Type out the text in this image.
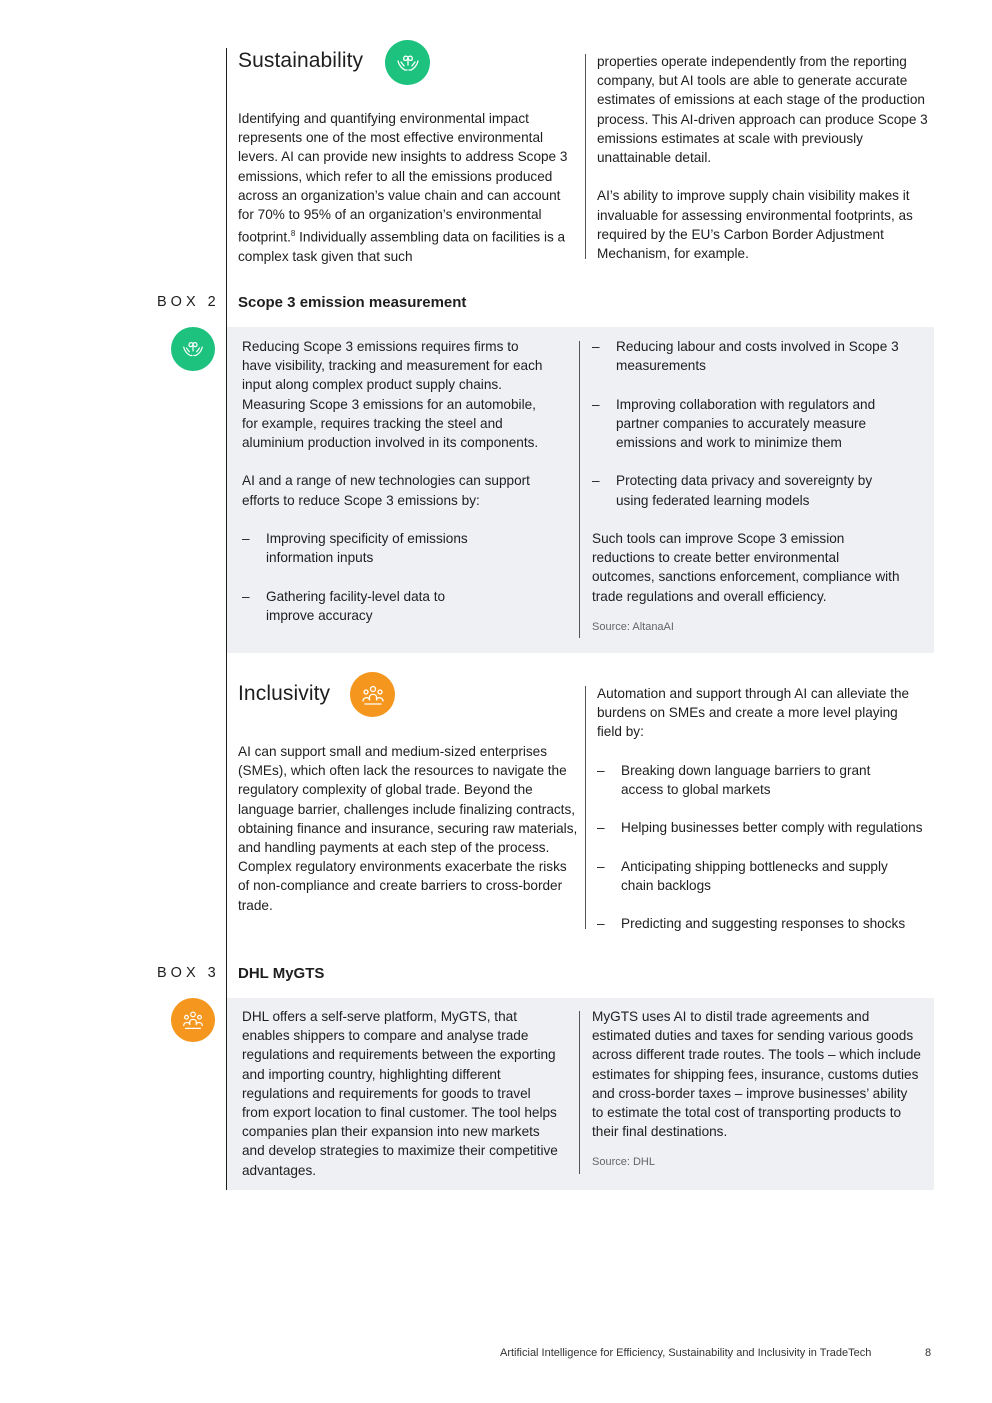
Sustainability

Identifying and quantifying environmental impact represents one of the most effective environmental levers. AI can provide new insights to address Scope 3 emissions, which refer to all the emissions produced across an organization’s value chain and can account for 70% to 95% of an organization’s environmental footprint.$^8$ Individually assembling data on facilities is a complex task given that such

properties operate independently from the reporting company, but AI tools are able to generate accurate estimates of emissions at each stage of the production process. This AI-driven approach can produce Scope 3 emissions estimates at scale with previously unattainable detail.

AI’s ability to improve supply chain visibility makes it invaluable for assessing environmental footprints, as required by the EU’s Carbon Border Adjustment Mechanism, for example.

BOX 2 Scope 3 emission measurement

Reducing Scope 3 emissions requires firms to have visibility, tracking and measurement for each input along complex product supply chains. Measuring Scope 3 emissions for an automobile, for example, requires tracking the steel and aluminium production involved in its components.

AI and a range of new technologies can support efforts to reduce Scope 3 emissions by:

– Improving specificity of emissions information inputs
– Gathering facility-level data to improve accuracy
– Reducing labour and costs involved in Scope 3 measurements
– Improving collaboration with regulators and partner companies to accurately measure emissions and work to minimize them
– Protecting data privacy and sovereignty by using federated learning models

Such tools can improve Scope 3 emission reductions to create better environmental outcomes, sanctions enforcement, compliance with trade regulations and overall efficiency.

Source: AltanaAI

Inclusivity

AI can support small and medium-sized enterprises (SMEs), which often lack the resources to navigate the regulatory complexity of global trade. Beyond the language barrier, challenges include finalizing contracts, obtaining finance and insurance, securing raw materials, and handling payments at each step of the process. Complex regulatory environments exacerbate the risks of non-compliance and create barriers to cross-border trade.

Automation and support through AI can alleviate the burdens on SMEs and create a more level playing field by:

– Breaking down language barriers to grant access to global markets
– Helping businesses better comply with regulations
– Anticipating shipping bottlenecks and supply chain backlogs
– Predicting and suggesting responses to shocks
BOX 3 DHL MyGTS

DHL offers a self-serve platform, MyGTS, that enables shippers to compare and analyse trade regulations and requirements between the exporting and importing country, highlighting different regulations and requirements for goods to travel from export location to final customer. The tool helps companies plan their expansion into new markets and develop strategies to maximize their competitive advantages.

MyGTS uses AI to distil trade agreements and estimated duties and taxes for sending various goods across different trade routes. The tools – which include estimates for shipping fees, insurance, customs duties and cross-border taxes – improve businesses’ ability to estimate the total cost of transporting products to their final destinations.

Source: DHL

Artificial Intelligence for Efficiency, Sustainability and Inclusivity in TradeTech	8
